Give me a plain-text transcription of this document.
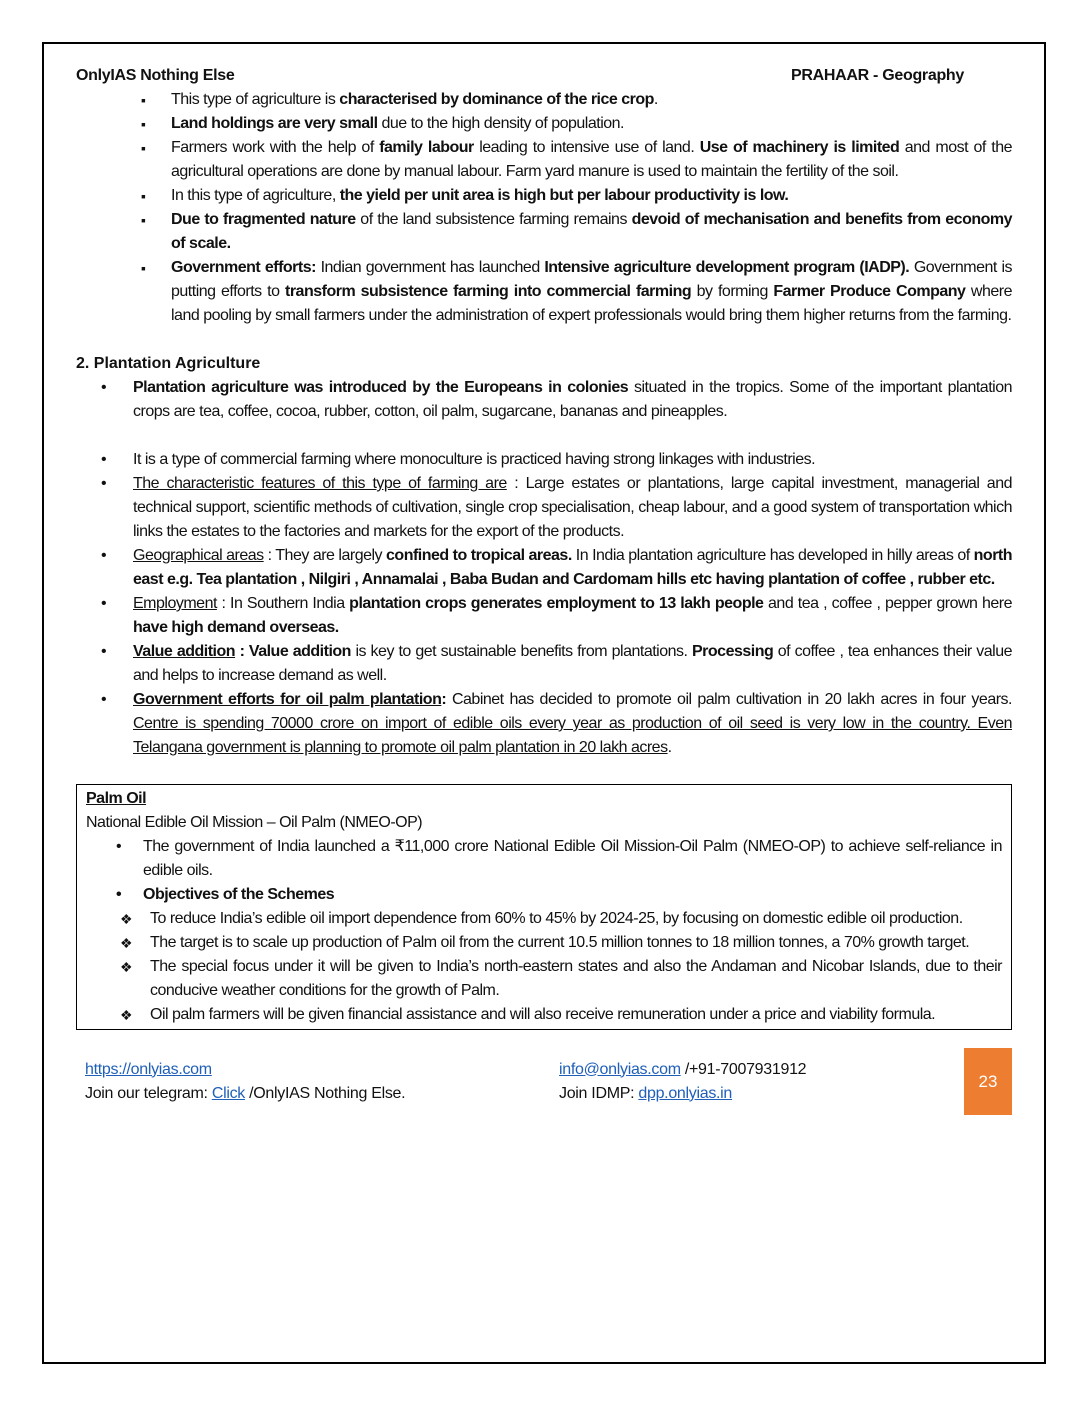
OnlyIAS Nothing Else	PRAHAAR - Geography
▪ This type of agriculture is characterised by dominance of the rice crop.
▪ Land holdings are very small due to the high density of population.
▪ Farmers work with the help of family labour leading to intensive use of land. Use of machinery is limited and most of the agricultural operations are done by manual labour. Farm yard manure is used to maintain the fertility of the soil.
▪ In this type of agriculture, the yield per unit area is high but per labour productivity is low.
▪ Due to fragmented nature of the land subsistence farming remains devoid of mechanisation and benefits from economy of scale.
▪ Government efforts: Indian government has launched Intensive agriculture development program (IADP). Government is putting efforts to transform subsistence farming into commercial farming by forming Farmer Produce Company where land pooling by small farmers under the administration of expert professionals would bring them higher returns from the farming.
2. Plantation Agriculture
• Plantation agriculture was introduced by the Europeans in colonies situated in the tropics. Some of the important plantation crops are tea, coffee, cocoa, rubber, cotton, oil palm, sugarcane, bananas and pineapples.
• It is a type of commercial farming where monoculture is practiced having strong linkages with industries.
• The characteristic features of this type of farming are : Large estates or plantations, large capital investment, managerial and technical support, scientific methods of cultivation, single crop specialisation, cheap labour, and a good system of transportation which links the estates to the factories and markets for the export of the products.
• Geographical areas : They are largely confined to tropical areas. In India plantation agriculture has developed in hilly areas of north east e.g. Tea plantation , Nilgiri , Annamalai , Baba Budan and Cardomam hills etc having plantation of coffee , rubber etc.
• Employment : In Southern India plantation crops generates employment to 13 lakh people and tea , coffee , pepper grown here have high demand overseas.
• Value addition : Value addition is key to get sustainable benefits from plantations. Processing of coffee , tea enhances their value and helps to increase demand as well.
• Government efforts for oil palm plantation: Cabinet has decided to promote oil palm cultivation in 20 lakh acres in four years. Centre is spending 70000 crore on import of edible oils every year as production of oil seed is very low in the country. Even Telangana government is planning to promote oil palm plantation in 20 lakh acres.
Palm Oil
National Edible Oil Mission – Oil Palm (NMEO-OP)
• The government of India launched a ₹11,000 crore National Edible Oil Mission-Oil Palm (NMEO-OP) to achieve self-reliance in edible oils.
• Objectives of the Schemes
❖ To reduce India’s edible oil import dependence from 60% to 45% by 2024-25, by focusing on domestic edible oil production.
❖ The target is to scale up production of Palm oil from the current 10.5 million tonnes to 18 million tonnes, a 70% growth target.
❖ The special focus under it will be given to India’s north-eastern states and also the Andaman and Nicobar Islands, due to their conducive weather conditions for the growth of Palm.
❖ Oil palm farmers will be given financial assistance and will also receive remuneration under a price and viability formula.
https://onlyias.com
Join our telegram: Click /OnlyIAS Nothing Else.
info@onlyias.com /+91-7007931912
Join IDMP: dpp.onlyias.in
23
